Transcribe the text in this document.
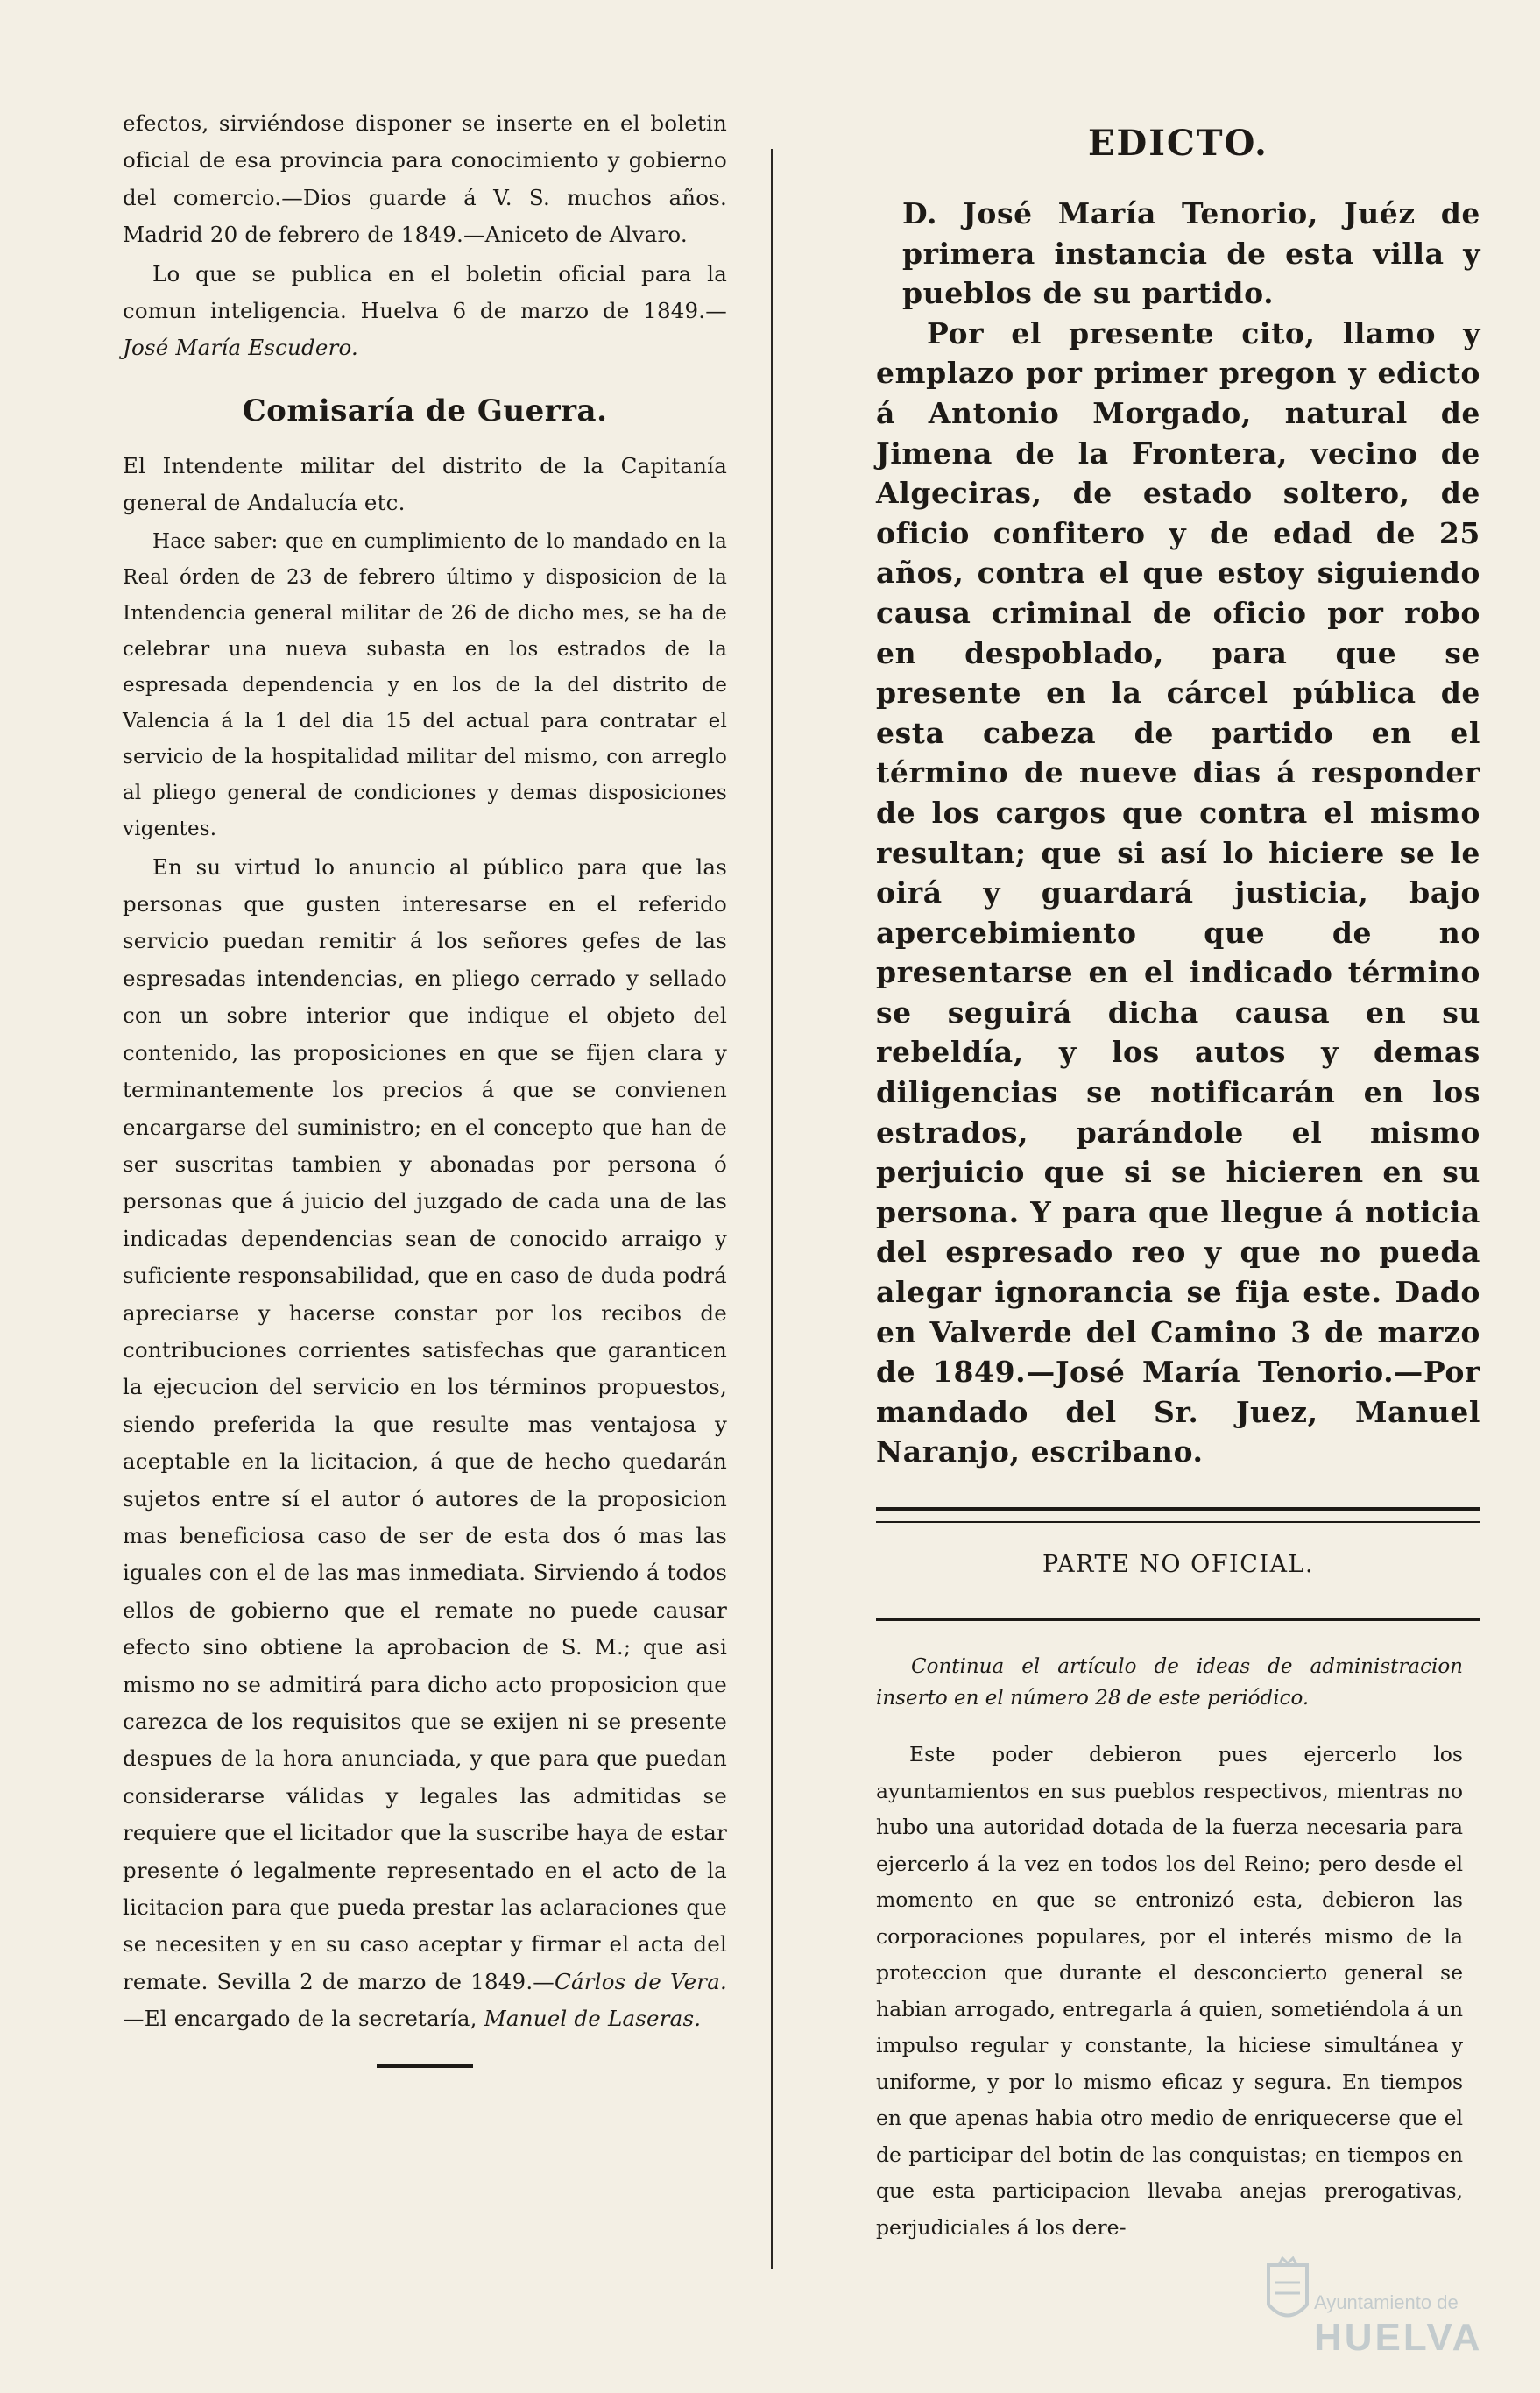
efectos, sirviéndose disponer se inserte en el boletin oficial de esa provincia para conocimiento y gobierno del comercio.—Dios guarde á V. S. muchos años. Madrid 20 de febrero de 1849.—Aniceto de Alvaro.

Lo que se publica en el boletin oficial para la comun inteligencia. Huelva 6 de marzo de 1849.— José María Escudero.

Comisaría de Guerra.

El Intendente militar del distrito de la Capitanía general de Andalucía etc.

Hace saber: que en cumplimiento de lo mandado en la Real órden de 23 de febrero último y disposicion de la Intendencia general militar de 26 de dicho mes, se ha de celebrar una nueva subasta en los estrados de la espresada dependencia y en los de la del distrito de Valencia á la 1 del dia 15 del actual para contratar el servicio de la hospitalidad militar del mismo, con arreglo al pliego general de condiciones y demas disposiciones vigentes.

En su virtud lo anuncio al público para que las personas que gusten interesarse en el referido servicio puedan remitir á los señores gefes de las espresadas intendencias, en pliego cerrado y sellado con un sobre interior que indique el objeto del contenido, las proposiciones en que se fijen clara y terminantemente los precios á que se convienen encargarse del suministro; en el concepto que han de ser suscritas tambien y abonadas por persona ó personas que á juicio del juzgado de cada una de las indicadas dependencias sean de conocido arraigo y suficiente responsabilidad, que en caso de duda podrá apreciarse y hacerse constar por los recibos de contribuciones corrientes satisfechas que garanticen la ejecucion del servicio en los términos propuestos, siendo preferida la que resulte mas ventajosa y aceptable en la licitacion, á que de hecho quedarán sujetos entre sí el autor ó autores de la proposicion mas beneficiosa caso de ser de esta dos ó mas las iguales con el de las mas inmediata. Sirviendo á todos ellos de gobierno que el remate no puede causar efecto sino obtiene la aprobacion de S. M.; que asi mismo no se admitirá para dicho acto proposicion que carezca de los requisitos que se exijen ni se presente despues de la hora anunciada, y que para que puedan considerarse válidas y legales las admitidas se requiere que el licitador que la suscribe haya de estar presente ó legalmente representado en el acto de la licitacion para que pueda prestar las aclaraciones que se necesiten y en su caso aceptar y firmar el acta del remate. Sevilla 2 de marzo de 1849.—Cárlos de Vera.—El encargado de la secretaría, Manuel de Laseras.

EDICTO.

D. José María Tenorio, Juéz de primera instancia de esta villa y pueblos de su partido.

Por el presente cito, llamo y emplazo por primer pregon y edicto á Antonio Morgado, natural de Jimena de la Frontera, vecino de Algeciras, de estado soltero, de oficio confitero y de edad de 25 años, contra el que estoy siguiendo causa criminal de oficio por robo en despoblado, para que se presente en la cárcel pública de esta cabeza de partido en el término de nueve dias á responder de los cargos que contra el mismo resultan; que si así lo hiciere se le oirá y guardará justicia, bajo apercebimiento que de no presentarse en el indicado término se seguirá dicha causa en su rebeldía, y los autos y demas diligencias se notificarán en los estrados, parándole el mismo perjuicio que si se hicieren en su persona. Y para que llegue á noticia del espresado reo y que no pueda alegar ignorancia se fija este. Dado en Valverde del Camino 3 de marzo de 1849.—José María Tenorio.—Por mandado del Sr. Juez, Manuel Naranjo, escribano.

PARTE NO OFICIAL.

Continua el artículo de ideas de administracion inserto en el número 28 de este periódico.

Este poder debieron pues ejercerlo los ayuntamientos en sus pueblos respectivos, mientras no hubo una autoridad dotada de la fuerza necesaria para ejercerlo á la vez en todos los del Reino; pero desde el momento en que se entronizó esta, debieron las corporaciones populares, por el interés mismo de la proteccion que durante el desconcierto general se habian arrogado, entregarla á quien, sometiéndola á un impulso regular y constante, la hiciese simultánea y uniforme, y por lo mismo eficaz y segura. En tiempos en que apenas habia otro medio de enriquecerse que el de participar del botin de las conquistas; en tiempos en que esta participacion llevaba anejas prerogativas, perjudiciales á los dere-

Ayuntamiento de
HUELVA
